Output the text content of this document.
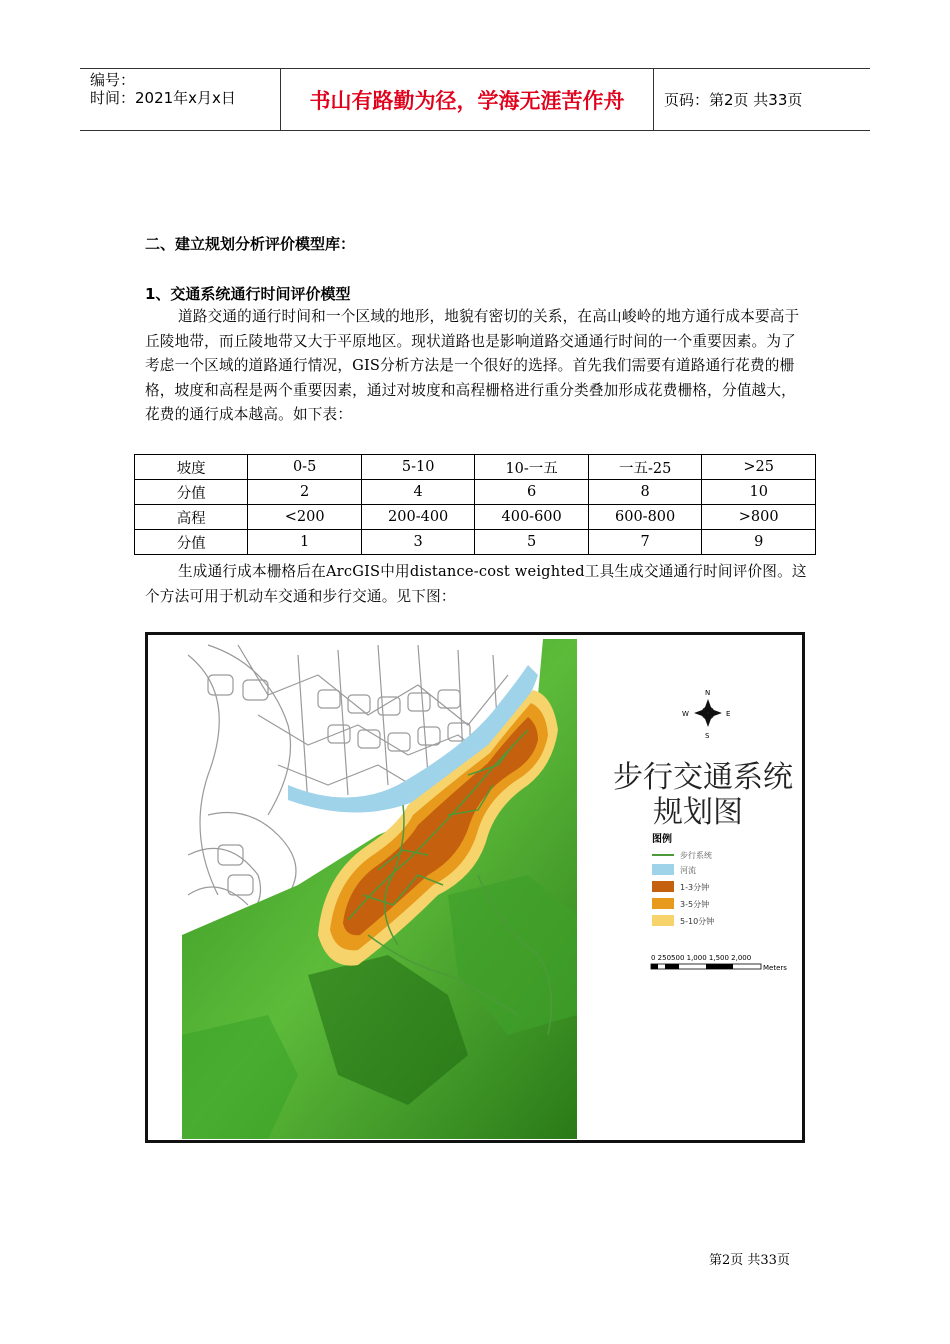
编号：
时间：2021年x月x日	书山有路勤为径，学海无涯苦作舟	页码：第2页 共33页
二、建立规划分析评价模型库：
1、交通系统通行时间评价模型
道路交通的通行时间和一个区域的地形，地貌有密切的关系，在高山峻岭的地方通行成本要高于丘陵地带，而丘陵地带又大于平原地区。现状道路也是影响道路交通通行时间的一个重要因素。为了考虑一个区域的道路通行情况，GIS分析方法是一个很好的选择。首先我们需要有道路通行花费的栅格，坡度和高程是两个重要因素，通过对坡度和高程栅格进行重分类叠加形成花费栅格，分值越大，花费的通行成本越高。如下表：
坡度	0-5	5-10	10-一五	一五-25	>25
分值	2	4	6	8	10
高程	<200	200-400	400-600	600-800	>800
分值	1	3	5	7	9
生成通行成本栅格后在ArcGIS中用distance-cost weighted工具生成交通通行时间评价图。这个方法可用于机动车交通和步行交通。见下图：
N
S
E
W
步行交通系统
规划图
图例
步行系统
河流
1-3分钟
3-5分钟
5-10分钟
0 250500 1,000 1,500 2,000
Meters
第2页 共33页
